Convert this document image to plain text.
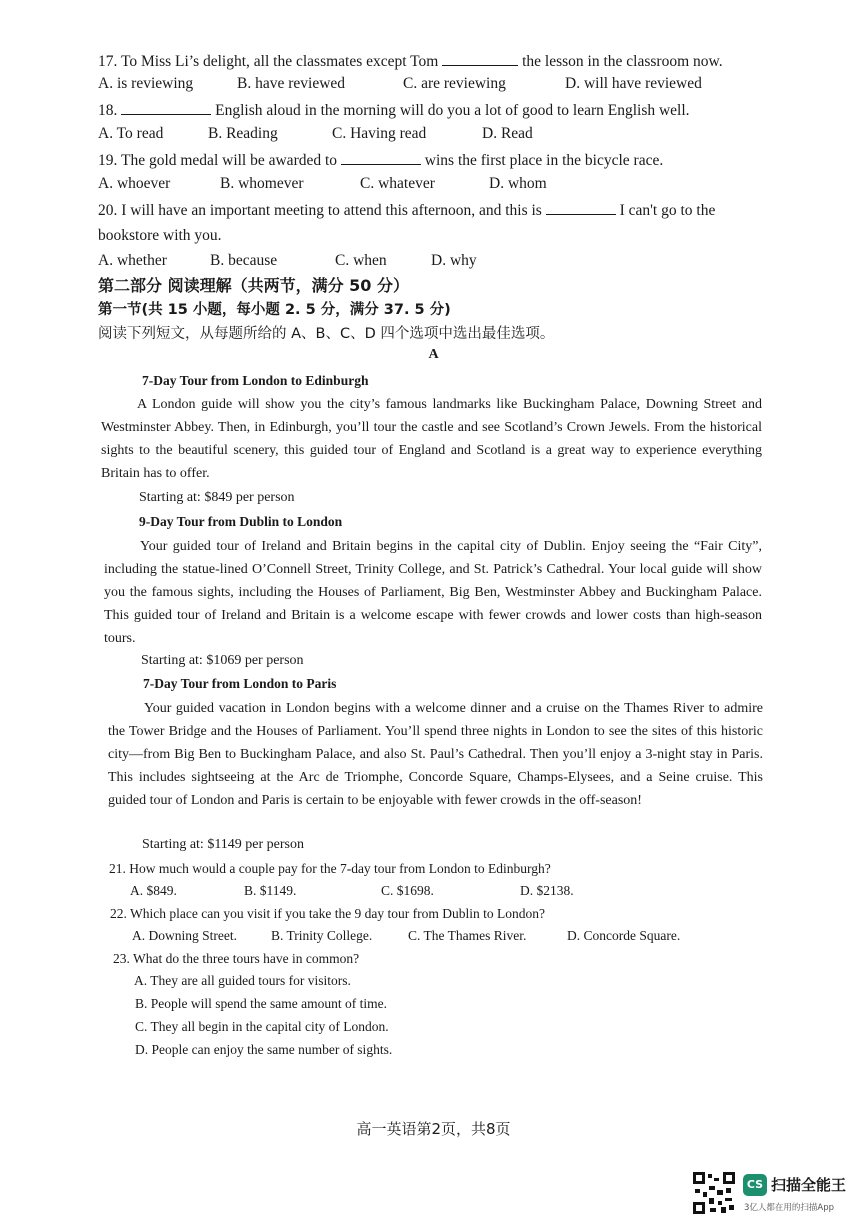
17. To Miss Li’s delight, all the classmates except Tom	the lesson in the classroom now.
A. is reviewing	B. have reviewed	C. are reviewing	D. will have reviewed
18.	English aloud in the morning will do you a lot of good to learn English well.
A. To read	B. Reading	C. Having read	D. Read
19. The gold medal will be awarded to	wins the first place in the bicycle race.
A. whoever	B. whomever	C. whatever	D. whom
20. I will have an important meeting to attend this afternoon, and this is	I can't go to the
bookstore with you.
A. whether	B. because	C. when	D. why
第二部分 阅读理解（共两节，满分 50 分）
第一节(共 15 小题，每小题 2. 5 分，满分 37. 5 分)
阅读下列短文，从每题所给的 A、B、C、D 四个选项中选出最佳选项。
A
7-Day Tour from London to Edinburgh
A London guide will show you the city’s famous landmarks like Buckingham Palace, Downing Street and Westminster Abbey. Then, in Edinburgh, you’ll tour the castle and see Scotland’s Crown Jewels. From the historical sights to the beautiful scenery, this guided tour of England and Scotland is a great way to experience everything Britain has to offer.
Starting at: $849 per person
9-Day Tour from Dublin to London
Your guided tour of Ireland and Britain begins in the capital city of Dublin. Enjoy seeing the “Fair City”, including the statue-lined O’Connell Street, Trinity College, and St. Patrick’s Cathedral. Your local guide will show you the famous sights, including the Houses of Parliament, Big Ben, Westminster Abbey and Buckingham Palace. This guided tour of Ireland and Britain is a welcome escape with fewer crowds and lower costs than high-season tours.
Starting at: $1069 per person
7-Day Tour from London to Paris
Your guided vacation in London begins with a welcome dinner and a cruise on the Thames River to admire the Tower Bridge and the Houses of Parliament. You’ll spend three nights in London to see the sites of this historic city—from Big Ben to Buckingham Palace, and also St. Paul’s Cathedral. Then you’ll enjoy a 3-night stay in Paris. This includes sightseeing at the Arc de Triomphe, Concorde Square, Champs-Elysees, and a Seine cruise. This guided tour of London and Paris is certain to be enjoyable with fewer crowds in the off-season!
Starting at: $1149 per person
21. How much would a couple pay for the 7-day tour from London to Edinburgh?
A. $849.	B. $1149.	C. $1698.	D. $2138.
22. Which place can you visit if you take the 9 day tour from Dublin to London?
A. Downing Street.	B. Trinity College.	C. The Thames River.	D. Concorde Square.
23. What do the three tours have in common?
A. They are all guided tours for visitors.
B. People will spend the same amount of time.
C. They all begin in the capital city of London.
D. People can enjoy the same number of sights.
高一英语第2页，共8页
CS 扫描全能王
3亿人都在用的扫描App
